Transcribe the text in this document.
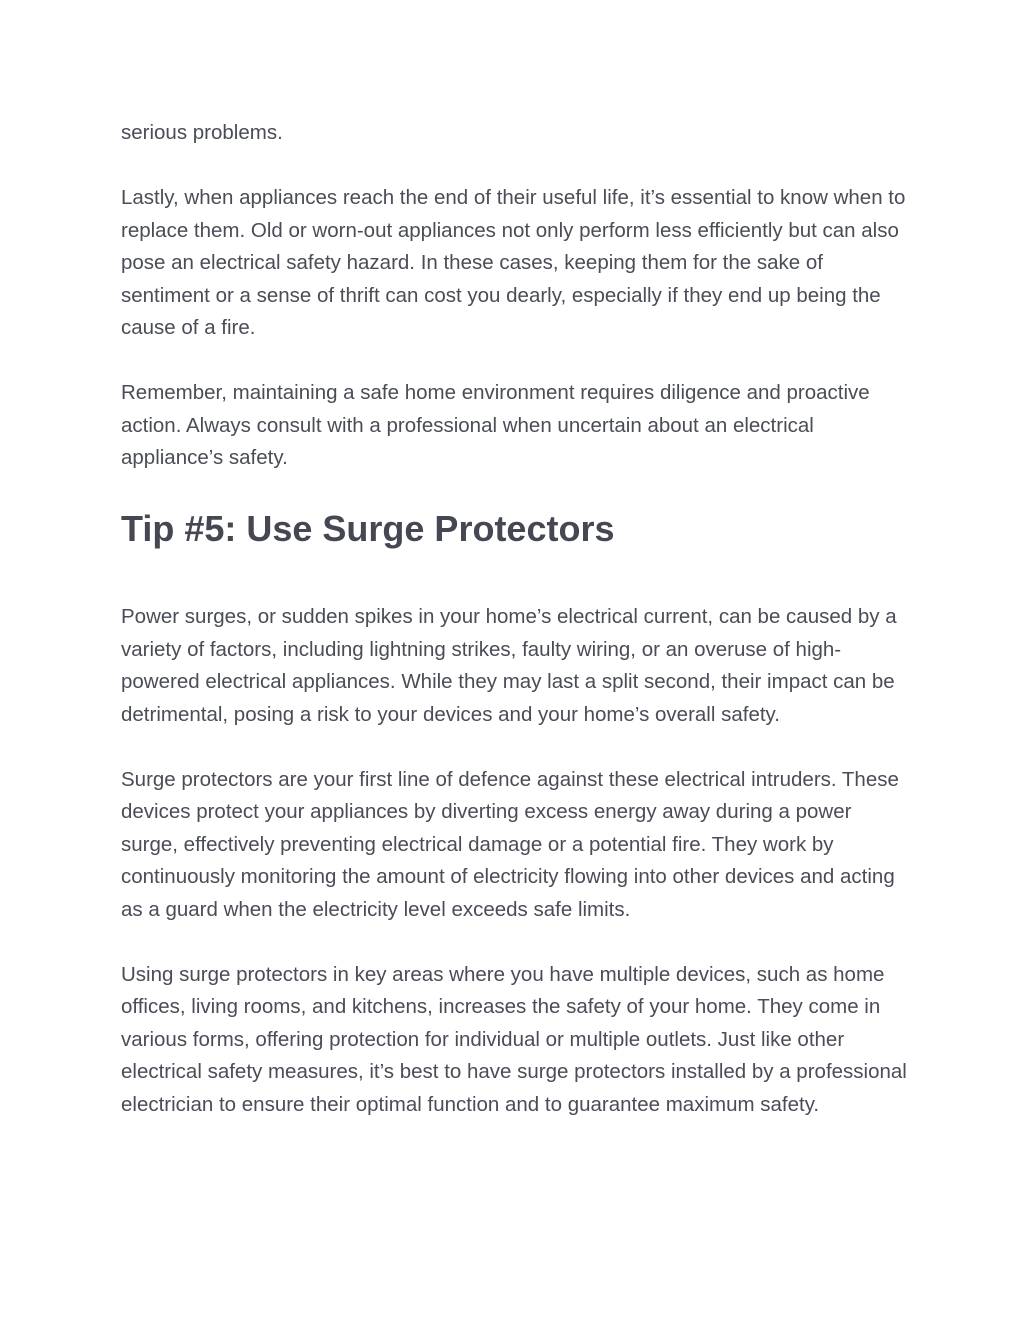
serious problems.

Lastly, when appliances reach the end of their useful life, it’s essential to know when to replace them. Old or worn-out appliances not only perform less efficiently but can also pose an electrical safety hazard. In these cases, keeping them for the sake of sentiment or a sense of thrift can cost you dearly, especially if they end up being the cause of a fire.

Remember, maintaining a safe home environment requires diligence and proactive action. Always consult with a professional when uncertain about an electrical appliance’s safety.

Tip #5: Use Surge Protectors

Power surges, or sudden spikes in your home’s electrical current, can be caused by a variety of factors, including lightning strikes, faulty wiring, or an overuse of high-powered electrical appliances. While they may last a split second, their impact can be detrimental, posing a risk to your devices and your home’s overall safety.

Surge protectors are your first line of defence against these electrical intruders. These devices protect your appliances by diverting excess energy away during a power surge, effectively preventing electrical damage or a potential fire. They work by continuously monitoring the amount of electricity flowing into other devices and acting as a guard when the electricity level exceeds safe limits.

Using surge protectors in key areas where you have multiple devices, such as home offices, living rooms, and kitchens, increases the safety of your home. They come in various forms, offering protection for individual or multiple outlets. Just like other electrical safety measures, it’s best to have surge protectors installed by a professional electrician to ensure their optimal function and to guarantee maximum safety.
